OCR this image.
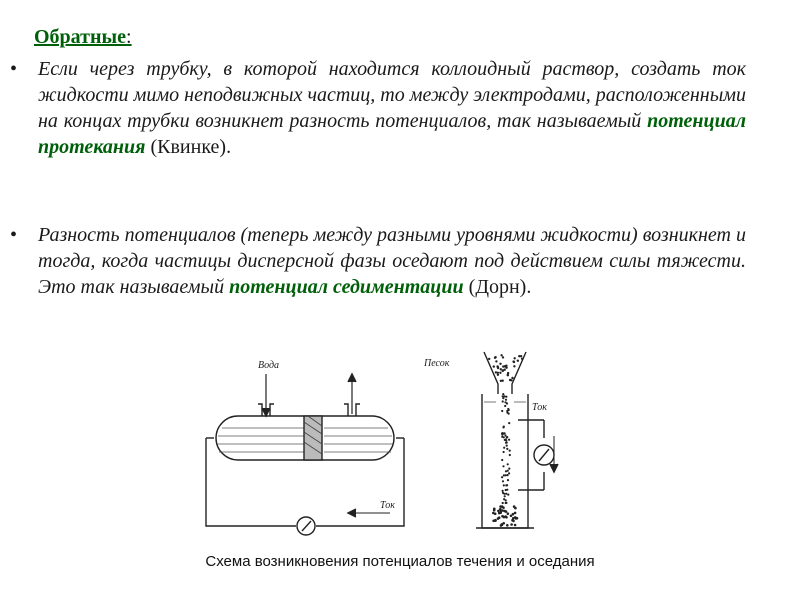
Обратные:
• Если через трубку, в которой находится коллоидный раствор, создать ток жидкости мимо неподвижных частиц, то между электродами, расположенными на концах трубки возникнет разность потенциалов, так называемый потенциал протекания (Квинке).
• Разность потенциалов (теперь между разными уровнями жидкости) возникнет и тогда, когда частицы дисперсной фазы оседают под действием силы тяжести. Это так называемый потенциал седиментации (Дорн).
Вода
Ток
Песок
Ток
Схема возникновения потенциалов течения и оседания
